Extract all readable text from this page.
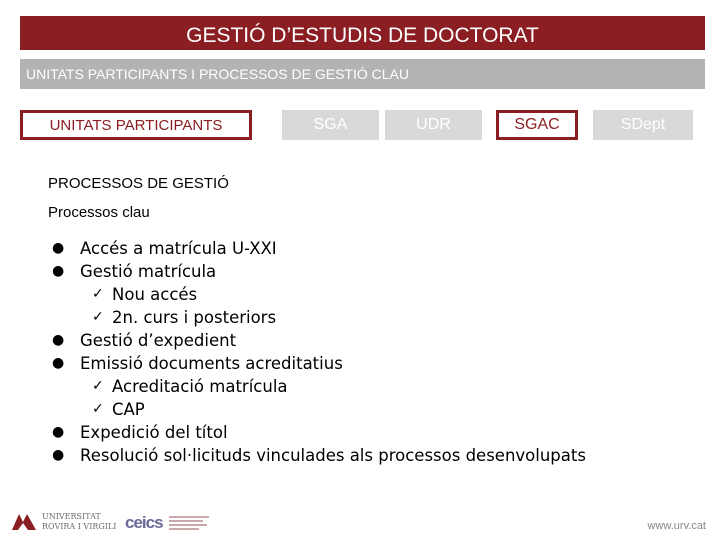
GESTIÓ D’ESTUDIS DE DOCTORAT
UNITATS PARTICIPANTS I PROCESSOS DE GESTIÓ CLAU
UNITATS PARTICIPANTS	SGA	UDR	SGAC	SDept
PROCESSOS DE GESTIÓ
Processos clau
● Accés a matrícula U-XXI
● Gestió matrícula
✓ Nou accés
✓ 2n. curs i posteriors
● Gestió d’expedient
● Emissió documents acreditatius
✓ Acreditació matrícula
✓ CAP
● Expedició del títol
● Resolució sol·licituds vinculades als processos desenvolupats
UNIVERSITAT
ROVIRA I VIRGILI ceics	www.urv.cat
